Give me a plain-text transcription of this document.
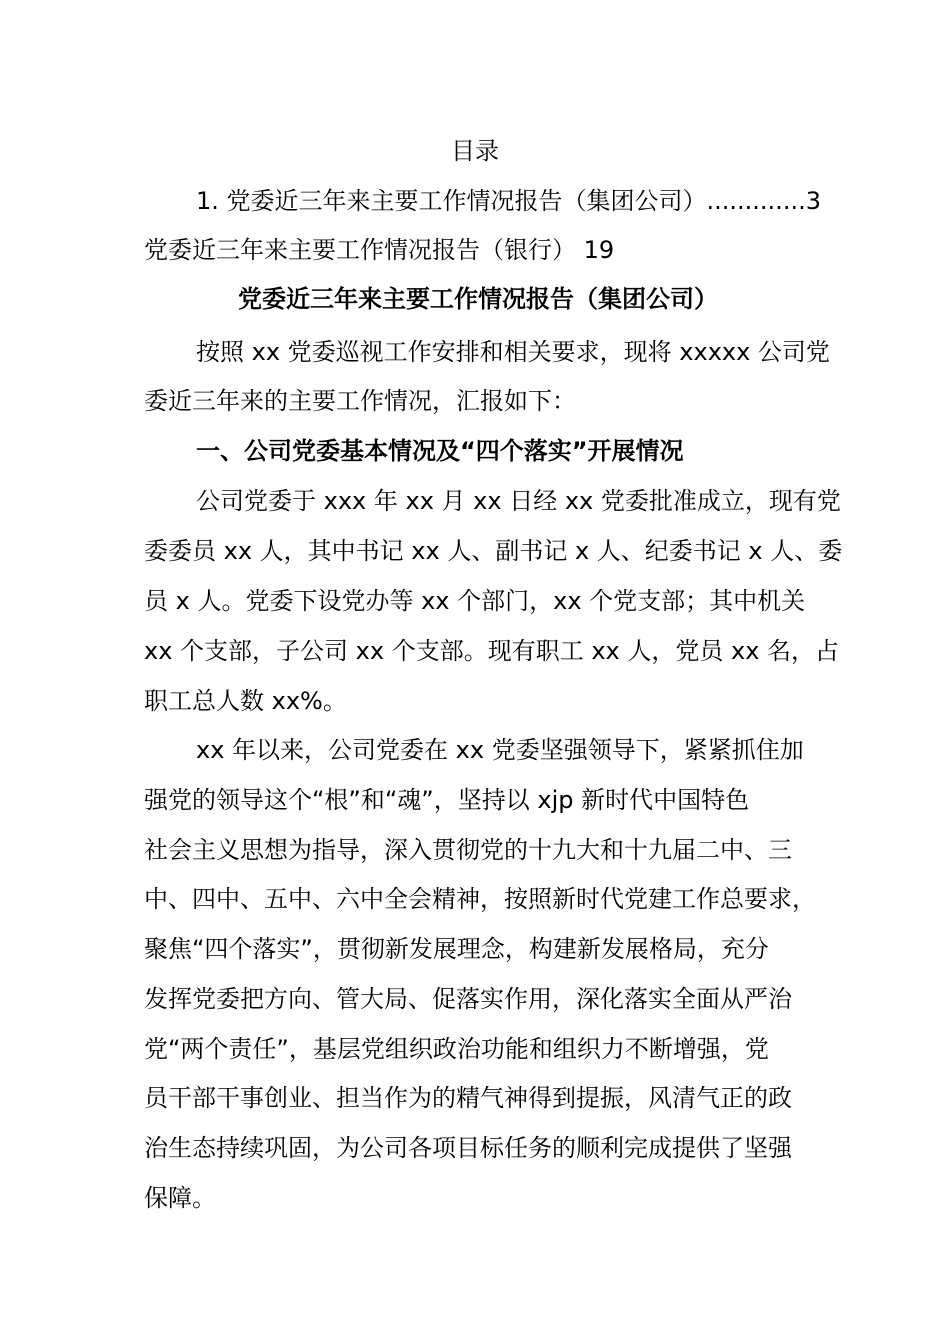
目录
1. 党委近三年来主要工作情况报告（集团公司）.............3
党委近三年来主要工作情况报告（银行） 19
党委近三年来主要工作情况报告（集团公司）
按照 xx 党委巡视工作安排和相关要求，现将 xxxxx 公司党
委近三年来的主要工作情况，汇报如下：
一、公司党委基本情况及“四个落实”开展情况
公司党委于 xxx 年 xx 月 xx 日经 xx 党委批准成立，现有党
委委员 xx 人，其中书记 xx 人、副书记 x 人、纪委书记 x 人、委
员 x 人。党委下设党办等 xx 个部门，xx 个党支部；其中机关
xx 个支部，子公司 xx 个支部。现有职工 xx 人，党员 xx 名，占
职工总人数 xx%。
xx 年以来，公司党委在 xx 党委坚强领导下，紧紧抓住加
强党的领导这个“根”和“魂”，坚持以 xjp 新时代中国特色
社会主义思想为指导，深入贯彻党的十九大和十九届二中、三
中、四中、五中、六中全会精神，按照新时代党建工作总要求，
聚焦“四个落实”，贯彻新发展理念，构建新发展格局，充分
发挥党委把方向、管大局、促落实作用，深化落实全面从严治
党“两个责任”，基层党组织政治功能和组织力不断增强，党
员干部干事创业、担当作为的精气神得到提振，风清气正的政
治生态持续巩固，为公司各项目标任务的顺利完成提供了坚强
保障。
